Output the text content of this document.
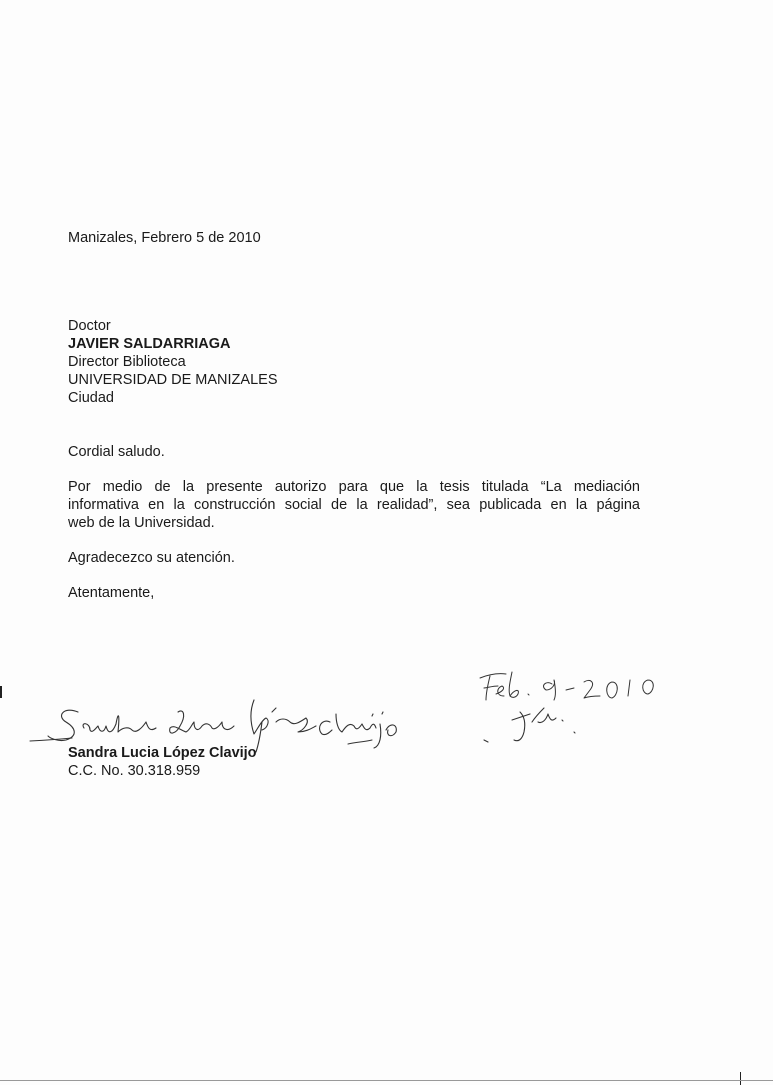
Manizales, Febrero 5 de 2010
Doctor
JAVIER SALDARRIAGA
Director Biblioteca
UNIVERSIDAD DE MANIZALES
Ciudad
Cordial saludo.
Por medio de la presente autorizo para que la tesis titulada “La mediación
informativa en la construcción social de la realidad”, sea publicada en la página
web de la Universidad.
Agradecezco su atención.
Atentamente,
Sandra Lucia López Clavijo
C.C. No. 30.318.959
